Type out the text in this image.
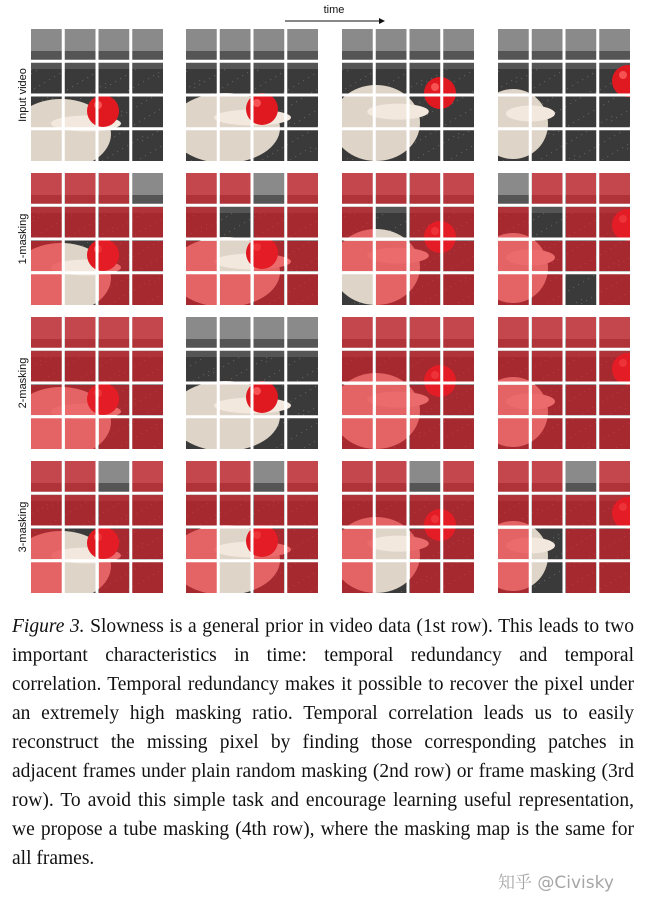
time
Input video
1-masking
2-masking
3-masking
Figure 3. Slowness is a general prior in video data (1st row). This leads to two important characteristics in time: temporal redundancy and temporal correlation. Temporal redundancy makes it possible to recover the pixel under an extremely high masking ratio. Temporal correlation leads us to easily reconstruct the missing pixel by finding those corresponding patches in adjacent frames under plain random masking (2nd row) or frame masking (3rd row). To avoid this simple task and encourage learning useful representation, we propose a tube masking (4th row), where the masking map is the same for all frames.
知乎 @Civisky
